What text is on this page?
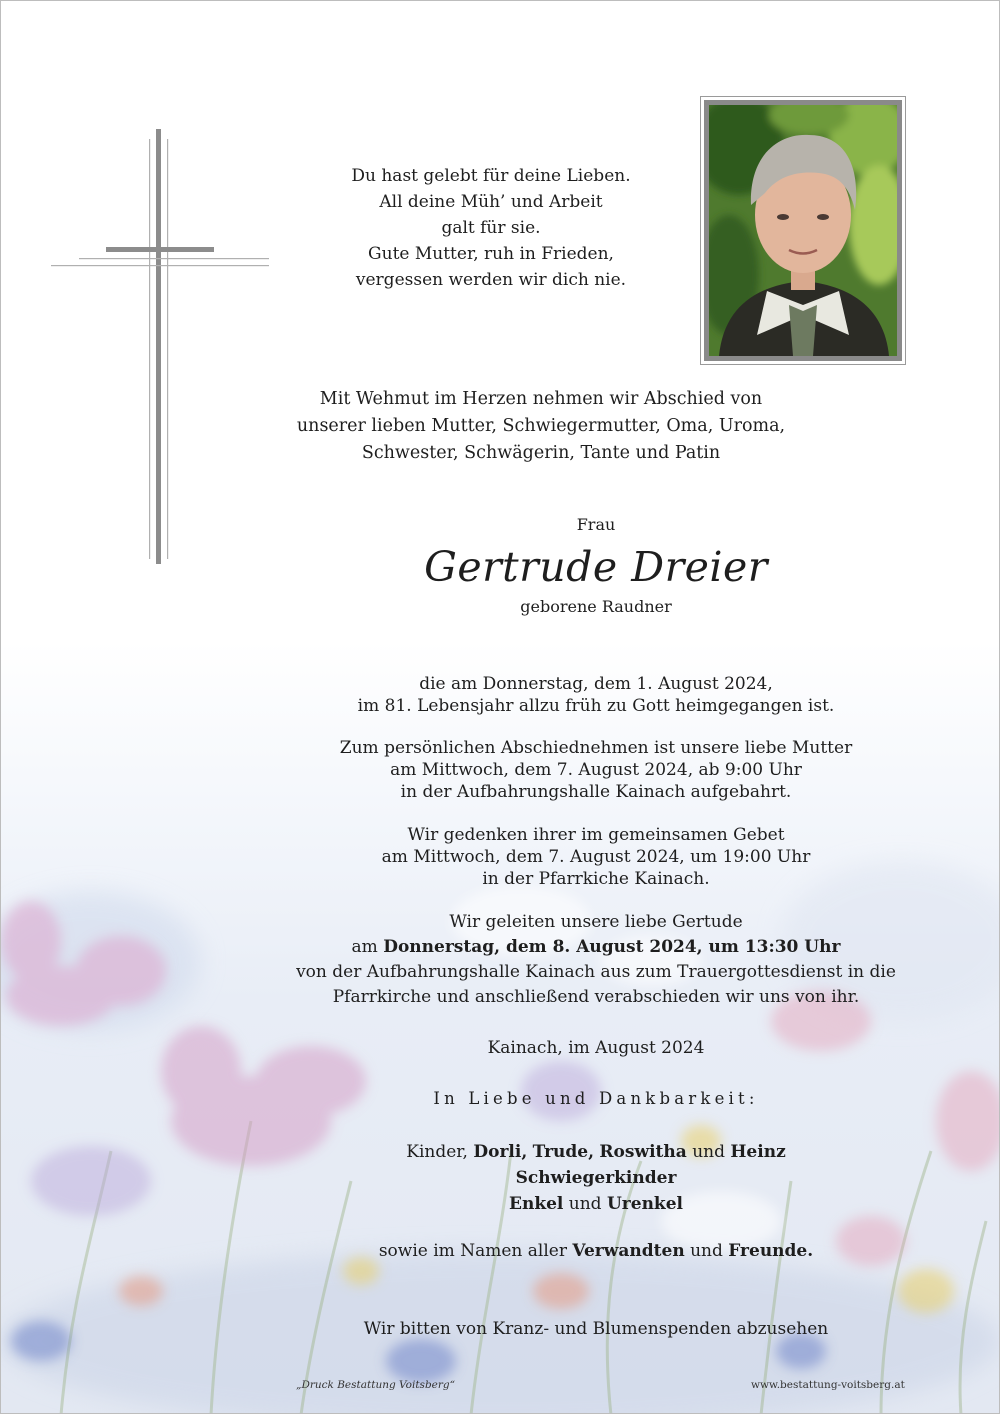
Du hast gelebt für deine Lieben.
All deine Müh’ und Arbeit
galt für sie.
Gute Mutter, ruh in Frieden,
vergessen werden wir dich nie.
Mit Wehmut im Herzen nehmen wir Abschied von
unserer lieben Mutter, Schwiegermutter, Oma, Uroma,
Schwester, Schwägerin, Tante und Patin
Frau
Gertrude Dreier
geborene Raudner
die am Donnerstag, dem 1. August 2024,
im 81. Lebensjahr allzu früh zu Gott heimgegangen ist.
Zum persönlichen Abschiednehmen ist unsere liebe Mutter
am Mittwoch, dem 7. August 2024, ab 9:00 Uhr
in der Aufbahrungshalle Kainach aufgebahrt.
Wir gedenken ihrer im gemeinsamen Gebet
am Mittwoch, dem 7. August 2024, um 19:00 Uhr
in der Pfarrkiche Kainach.
Wir geleiten unsere liebe Gertude
am Donnerstag, dem 8. August 2024, um 13:30 Uhr
von der Aufbahrungshalle Kainach aus zum Trauergottesdienst in die
Pfarrkirche und anschließend verabschieden wir uns von ihr.
Kainach, im August 2024
In Liebe und Dankbarkeit:
Kinder, Dorli, Trude, Roswitha und Heinz
Schwiegerkinder
Enkel und Urenkel
sowie im Namen aller Verwandten und Freunde.
Wir bitten von Kranz- und Blumenspenden abzusehen
„Druck Bestattung Voitsberg“	www.bestattung-voitsberg.at
